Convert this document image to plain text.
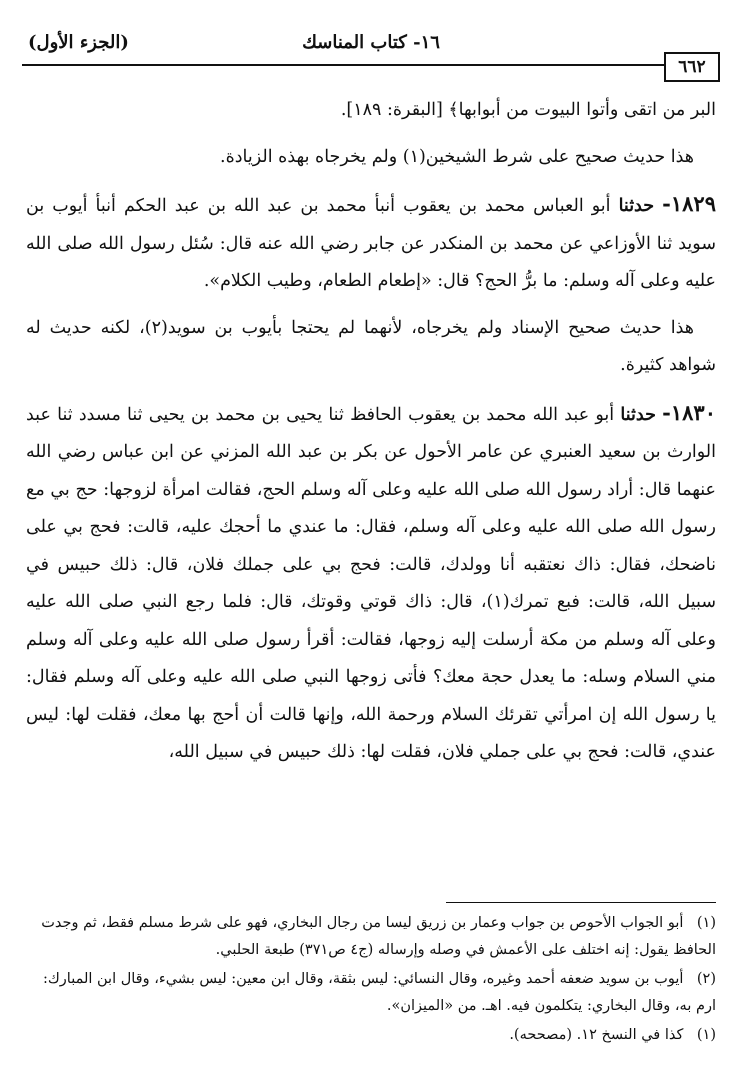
٦٦٢
١٦- كتاب المناسك
(الجزء الأول)

البر من اتقى وأتوا البيوت من أبوابها﴾ [البقرة: ١٨٩].

هذا حديث صحيح على شرط الشيخين(١) ولم يخرجاه بهذه الزيادة.

١٨٢٩- حدثنا أبو العباس محمد بن يعقوب أنبأ محمد بن عبد الله بن عبد الحكم أنبأ أيوب بن سويد ثنا الأوزاعي عن محمد بن المنكدر عن جابر رضي الله عنه قال: سُئل رسول الله صلى الله عليه وعلى آله وسلم: ما برُّ الحج؟ قال: «إطعام الطعام، وطيب الكلام».

هذا حديث صحيح الإسناد ولم يخرجاه، لأنهما لم يحتجا بأيوب بن سويد(٢)، لكنه حديث له شواهد كثيرة.

١٨٣٠- حدثنا أبو عبد الله محمد بن يعقوب الحافظ ثنا يحيى بن محمد بن يحيى ثنا مسدد ثنا عبد الوارث بن سعيد العنبري عن عامر الأحول عن بكر بن عبد الله المزني عن ابن عباس رضي الله عنهما قال: أراد رسول الله صلى الله عليه وعلى آله وسلم الحج، فقالت امرأة لزوجها: حج بي مع رسول الله صلى الله عليه وعلى آله وسلم، فقال: ما عندي ما أحجك عليه، قالت: فحج بي على ناضحك، فقال: ذاك نعتقبه أنا وولدك، قالت: فحج بي على جملك فلان، قال: ذلك حبيس في سبيل الله، قالت: فبع تمرك(١)، قال: ذاك قوتي وقوتك، قال: فلما رجع النبي صلى الله عليه وعلى آله وسلم من مكة أرسلت إليه زوجها، فقالت: أقرأ رسول صلى الله عليه وعلى آله وسلم مني السلام وسله: ما يعدل حجة معك؟ فأتى زوجها النبي صلى الله عليه وعلى آله وسلم فقال: يا رسول الله إن امرأتي تقرئك السلام ورحمة الله، وإنها قالت أن أحج بها معك، فقلت لها: ليس عندي، قالت: فحج بي على جملي فلان، فقلت لها: ذلك حبيس في سبيل الله،

(١) أبو الجواب الأحوص بن جواب وعمار بن زريق ليسا من رجال البخاري، فهو على شرط مسلم فقط، ثم وجدت الحافظ يقول: إنه اختلف على الأعمش في وصله وإرساله (ج٤ ص٣٧١) طبعة الحلبي.

(٢) أيوب بن سويد ضعفه أحمد وغيره، وقال النسائي: ليس بثقة، وقال ابن معين: ليس بشيء، وقال ابن المبارك: ارم به، وقال البخاري: يتكلمون فيه. اهـ. من «الميزان».

(١) كذا في النسخ ١٢. (مصححه).
